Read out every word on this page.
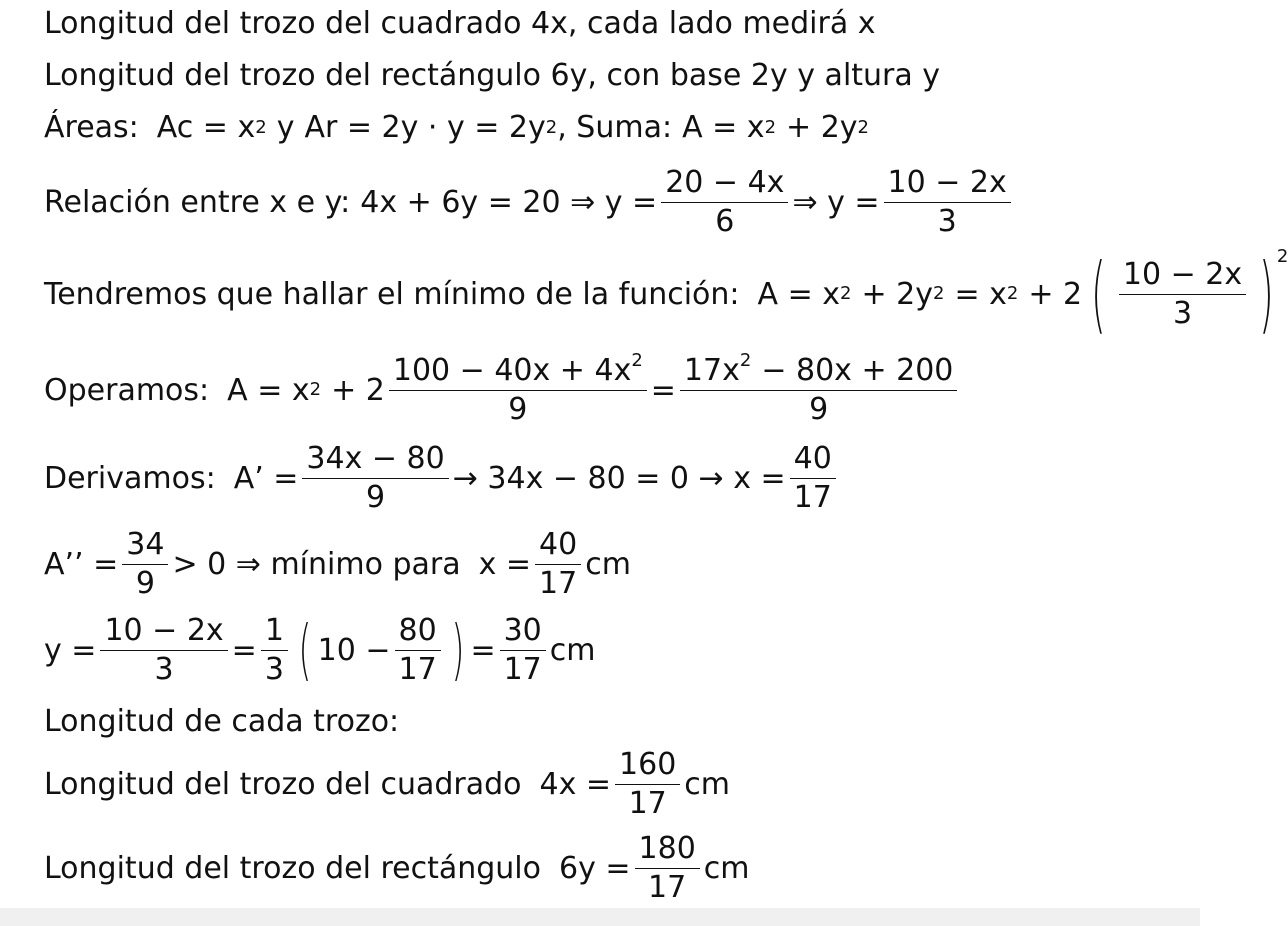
Longitud del trozo del cuadrado 4x, cada lado medirá x
Longitud del trozo del rectángulo 6y, con base 2y y altura y
Áreas: Ac = x 2 y Ar = 2y · y = 2y 2 , Suma: A = x 2 + 2y 2
Relación entre x e y: 4x + 6y = 20 ⇒ $y = \frac{20 - 4x}{6}$ ⇒ $y = \frac{10 - 2x}{3}$
Tendremos que hallar el mínimo de la función: A = x 2 + 2y 2 = x 2 + 2 ( $\frac{10 - 2x}{3}$ ) 2
Operamos: A = x $2 + 2 \frac{100 - 40x + 4x^2}{9} = \frac{17x^2 - 80x + 200}{9}$
Derivamos: A’ = $\frac{34x - 80}{9} \to 34x - 80 = 0 \to x = \frac{40}{17}$
A’’ = $\frac{34}{9} > 0$ ⇒ mínimo para $x = \frac{40}{17}$ cm
$y = \frac{10 - 2x}{3} = \frac{1}{3}$ ( $10 - \frac{80}{17}$ ) = $\frac{30}{17}$ cm
Longitud de cada trozo:
Longitud del trozo del cuadrado $4x = \frac{160}{17}$ cm
Longitud del trozo del rectángulo $6y = \frac{180}{17}$ cm
